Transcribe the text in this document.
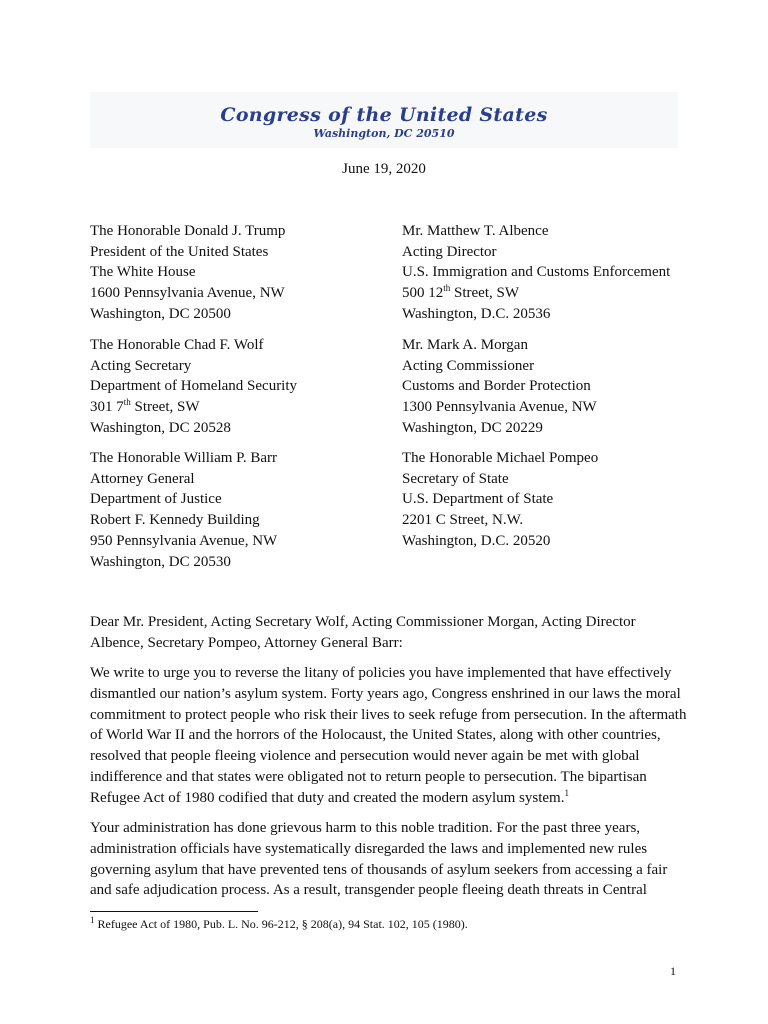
Congress of the United States
Washington, DC 20510
June 19, 2020
The Honorable Donald J. Trump
President of the United States
The White House
1600 Pennsylvania Avenue, NW
Washington, DC 20500
The Honorable Chad F. Wolf
Acting Secretary
Department of Homeland Security
301 7th Street, SW
Washington, DC 20528
The Honorable William P. Barr
Attorney General
Department of Justice
Robert F. Kennedy Building
950 Pennsylvania Avenue, NW
Washington, DC 20530
Mr. Matthew T. Albence
Acting Director
U.S. Immigration and Customs Enforcement
500 12th Street, SW
Washington, D.C. 20536
Mr. Mark A. Morgan
Acting Commissioner
Customs and Border Protection
1300 Pennsylvania Avenue, NW
Washington, DC 20229
The Honorable Michael Pompeo
Secretary of State
U.S. Department of State
2201 C Street, N.W.
Washington, D.C. 20520

Dear Mr. President, Acting Secretary Wolf, Acting Commissioner Morgan, Acting Director Albence, Secretary Pompeo, Attorney General Barr:

We write to urge you to reverse the litany of policies you have implemented that have effectively dismantled our nation’s asylum system. Forty years ago, Congress enshrined in our laws the moral commitment to protect people who risk their lives to seek refuge from persecution. In the aftermath of World War II and the horrors of the Holocaust, the United States, along with other countries, resolved that people fleeing violence and persecution would never again be met with global indifference and that states were obligated not to return people to persecution. The bipartisan Refugee Act of 1980 codified that duty and created the modern asylum system.$^1$

Your administration has done grievous harm to this noble tradition. For the past three years, administration officials have systematically disregarded the laws and implemented new rules governing asylum that have prevented tens of thousands of asylum seekers from accessing a fair and safe adjudication process. As a result, transgender people fleeing death threats in Central

$^1$ Refugee Act of 1980, Pub. L. No. 96-212, § 208(a), 94 Stat. 102, 105 (1980).
1
